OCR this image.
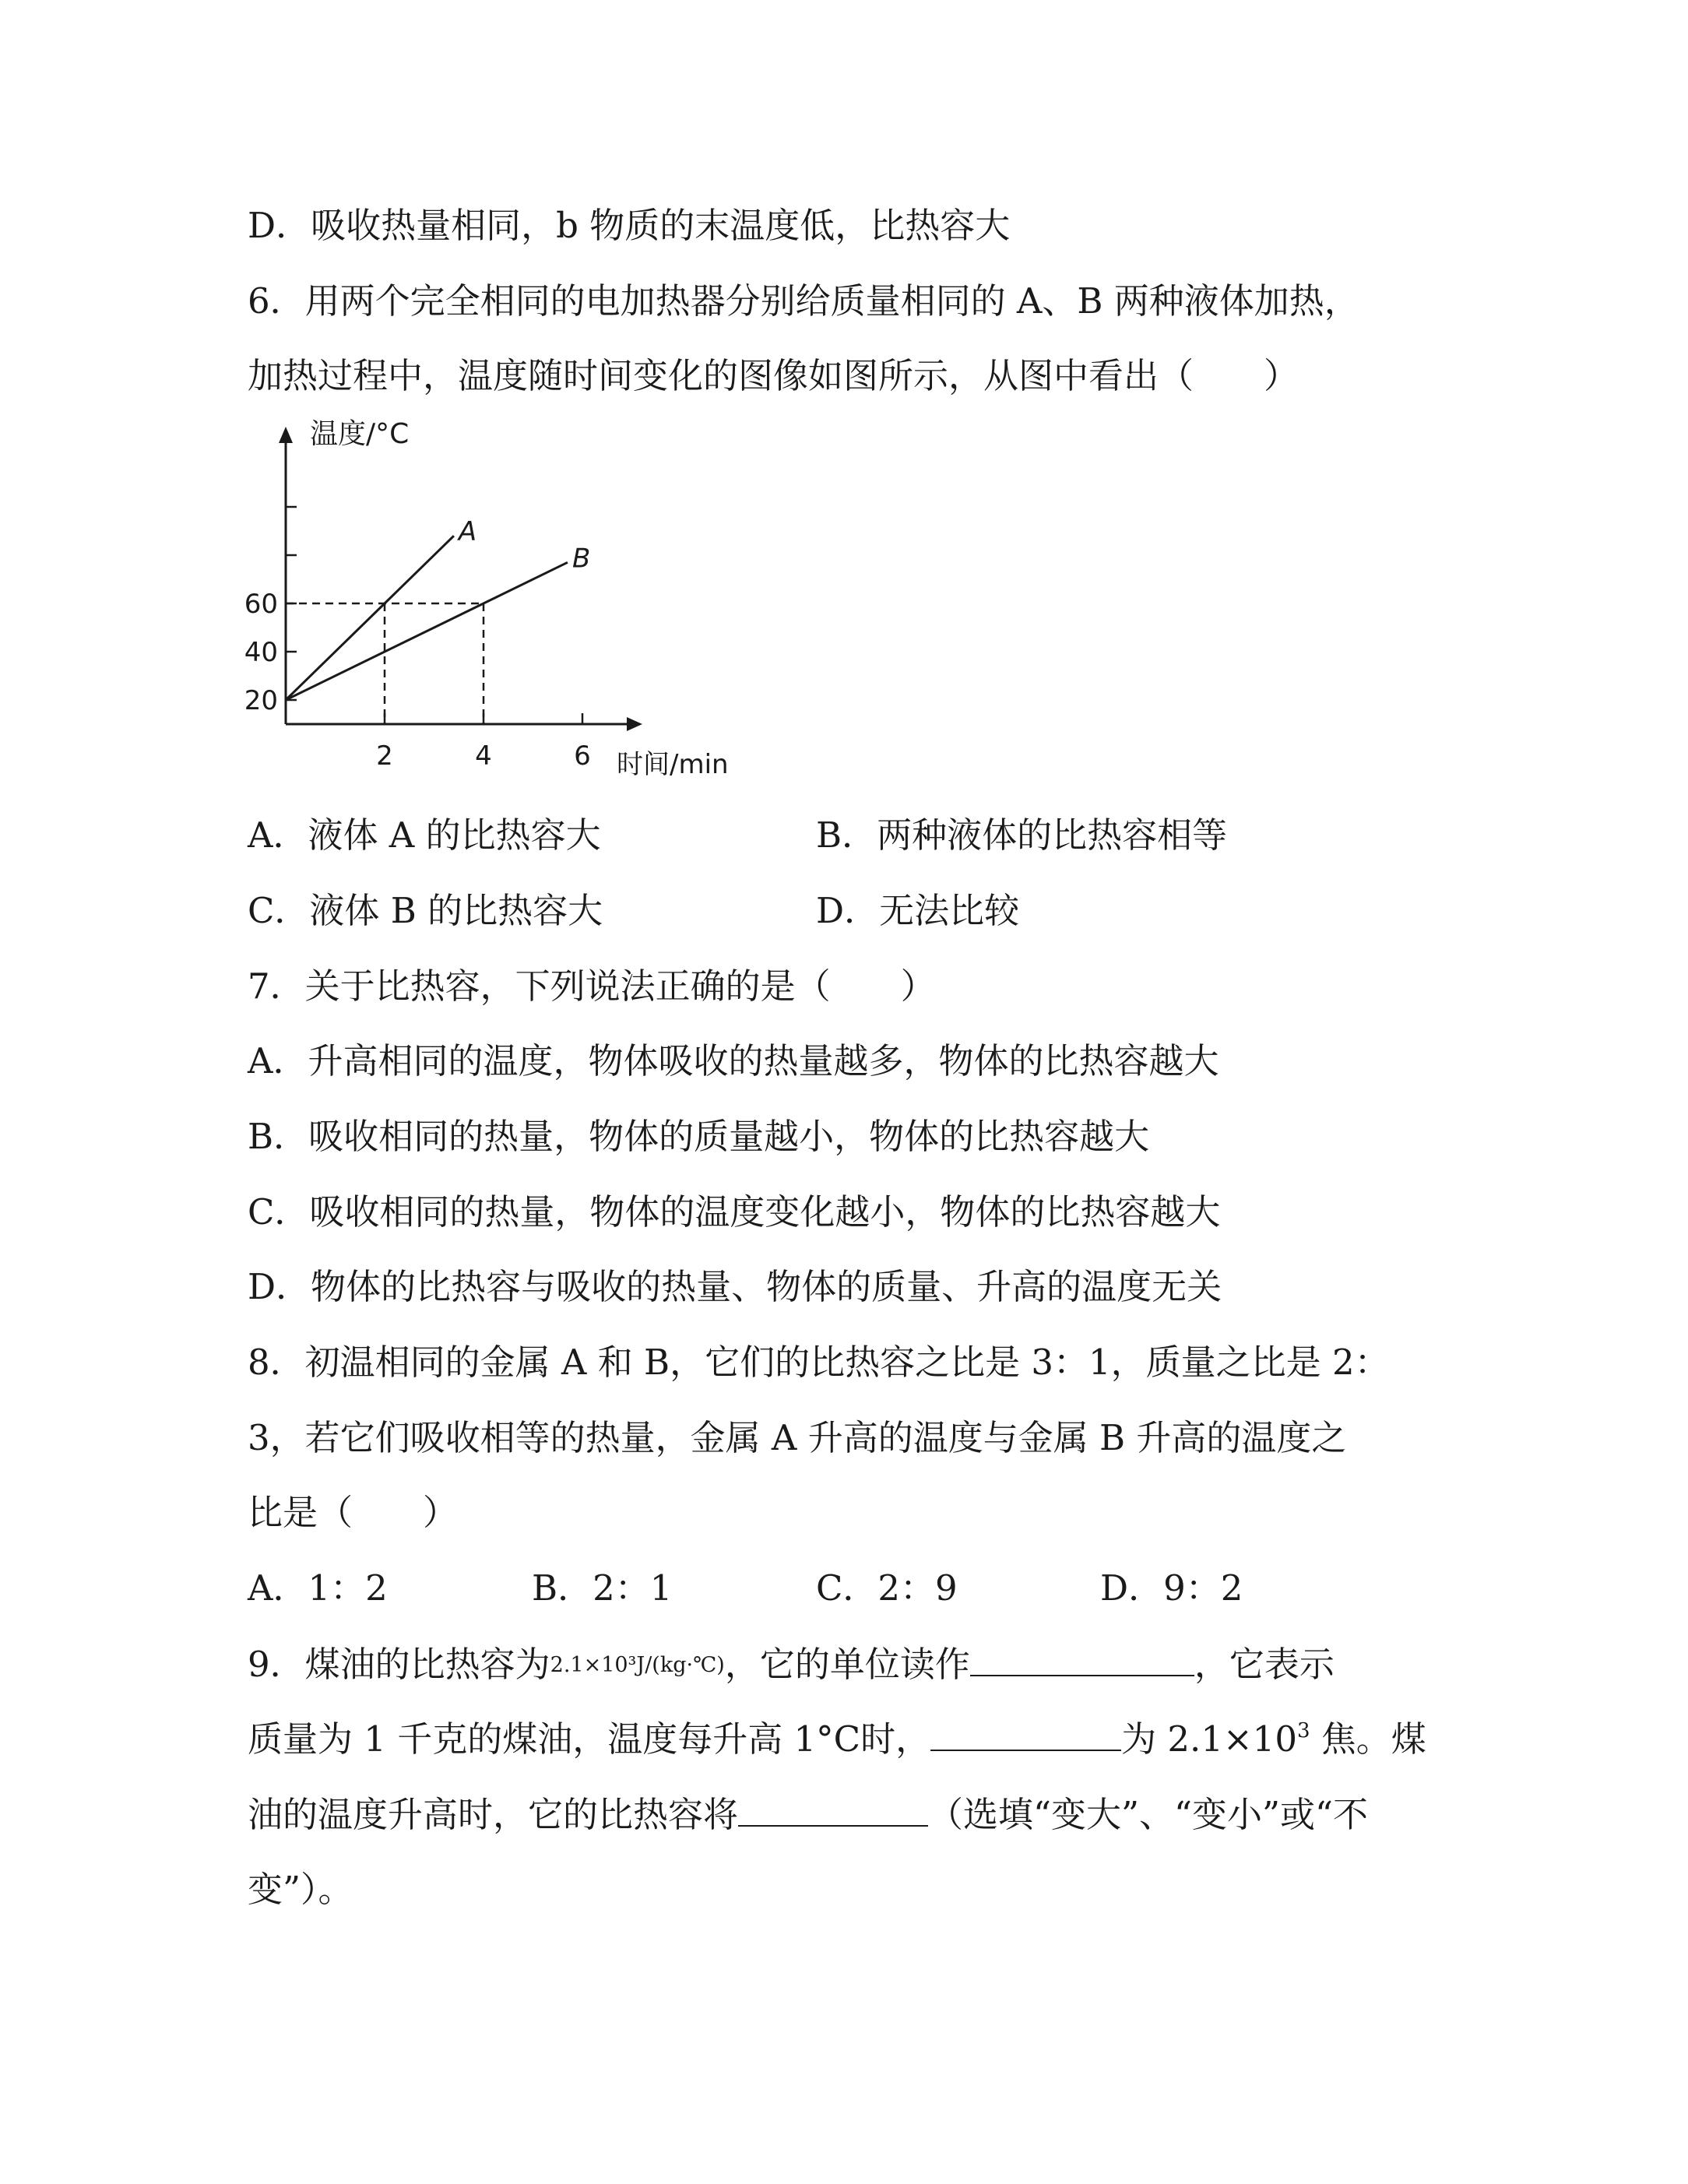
D．吸收热量相同，b 物质的末温度低，比热容大
6．用两个完全相同的电加热器分别给质量相同的 A、B 两种液体加热，
加热过程中，温度随时间变化的图像如图所示，从图中看出（　　）
A
B
20
40
60
2	4	6
温度/°C
时间/min
A．液体 A 的比热容大	B．两种液体的比热容相等
C．液体 B 的比热容大	D．无法比较
7．关于比热容，下列说法正确的是（　　）
A．升高相同的温度，物体吸收的热量越多，物体的比热容越大
B．吸收相同的热量，物体的质量越小，物体的比热容越大
C．吸收相同的热量，物体的温度变化越小，物体的比热容越大
D．物体的比热容与吸收的热量、物体的质量、升高的温度无关
8．初温相同的金属 A 和 B，它们的比热容之比是 3：1，质量之比是 2：
3，若它们吸收相等的热量，金属 A 升高的温度与金属 B 升高的温度之
比是（　　）
A．1：2	B．2：1	C．2：9	D．9：2
9．煤油的比热容为2.1×10³J/(kg·℃)，它的单位读作	，它表示
质量为 1 千克的煤油，温度每升高 1°C时，	为 $2.1\times 10^3$ 焦。煤
油的温度升高时，它的比热容将	（选填“变大”、“变小”或“不
变”）。
